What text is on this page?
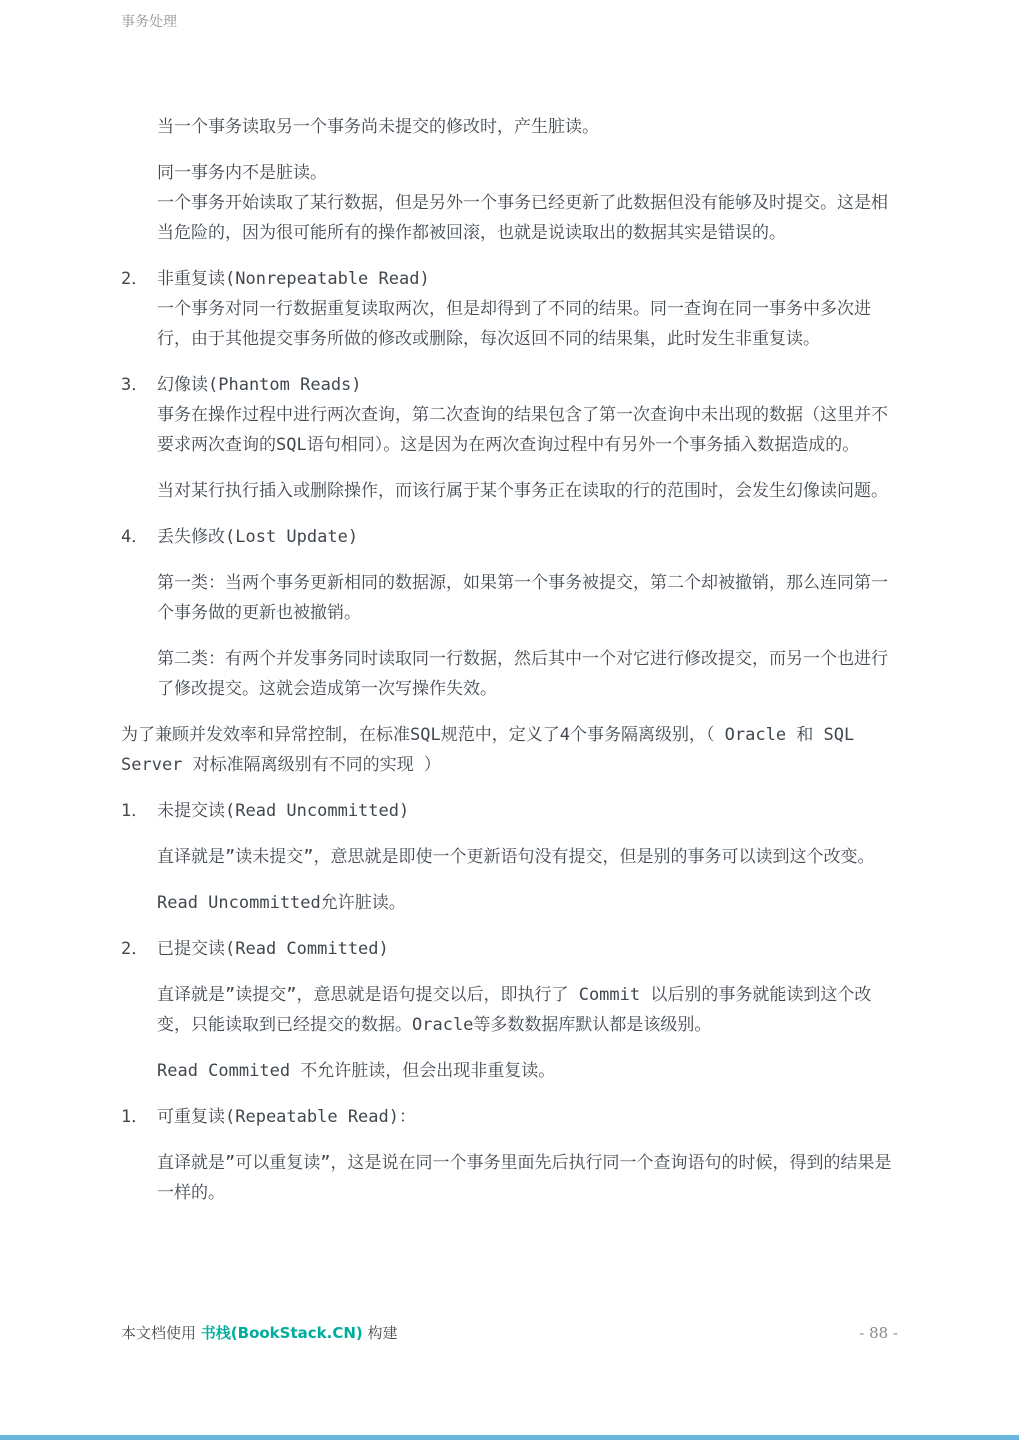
事务处理
当一个事务读取另一个事务尚未提交的修改时，产生脏读。
同一事务内不是脏读。
一个事务开始读取了某行数据，但是另外一个事务已经更新了此数据但没有能够及时提交。这是相当危险的，因为很可能所有的操作都被回滚，也就是说读取出的数据其实是错误的。
2． 非重复读(Nonrepeatable Read)
一个事务对同一行数据重复读取两次，但是却得到了不同的结果。同一查询在同一事务中多次进行，由于其他提交事务所做的修改或删除，每次返回不同的结果集，此时发生非重复读。
3． 幻像读(Phantom Reads)
事务在操作过程中进行两次查询，第二次查询的结果包含了第一次查询中未出现的数据（这里并不要求两次查询的SQL语句相同）。这是因为在两次查询过程中有另外一个事务插入数据造成的。
当对某行执行插入或删除操作，而该行属于某个事务正在读取的行的范围时，会发生幻像读问题。
4． 丢失修改(Lost Update)
第一类：当两个事务更新相同的数据源，如果第一个事务被提交，第二个却被撤销，那么连同第一个事务做的更新也被撤销。
第二类：有两个并发事务同时读取同一行数据，然后其中一个对它进行修改提交，而另一个也进行了修改提交。这就会造成第一次写操作失效。
为了兼顾并发效率和异常控制，在标准SQL规范中，定义了4个事务隔离级别，（ Oracle 和 SQL Server 对标准隔离级别有不同的实现 ）
1． 未提交读(Read Uncommitted)
直译就是”读未提交”，意思就是即使一个更新语句没有提交，但是别的事务可以读到这个改变。
Read Uncommitted允许脏读。
2． 已提交读(Read Committed)
直译就是”读提交”，意思就是语句提交以后，即执行了 Commit 以后别的事务就能读到这个改变，只能读取到已经提交的数据。Oracle等多数数据库默认都是该级别。
Read Commited 不允许脏读，但会出现非重复读。
1． 可重复读(Repeatable Read)：
直译就是”可以重复读”，这是说在同一个事务里面先后执行同一个查询语句的时候，得到的结果是一样的。
本文档使用 书栈(BookStack.CN) 构建	- 88 -
